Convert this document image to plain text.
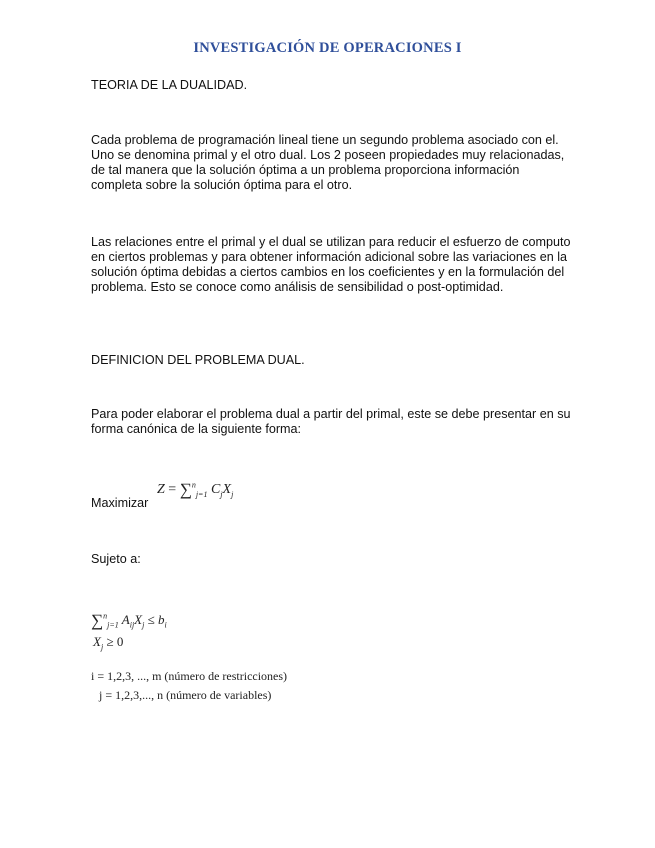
INVESTIGACIÓN DE OPERACIONES I
TEORIA DE LA DUALIDAD.

Cada problema de programación lineal tiene un segundo problema asociado con el. Uno se denomina primal y el otro dual. Los 2 poseen propiedades muy relacionadas, de tal manera que la solución óptima a un problema proporciona información completa sobre la solución óptima para el otro.

Las relaciones entre el primal y el dual se utilizan para reducir el esfuerzo de computo en ciertos problemas y para obtener información adicional sobre las variaciones en la solución óptima debidas a ciertos cambios en los coeficientes y en la formulación del problema. Esto se conoce como análisis de sensibilidad o post-optimidad.

DEFINICION DEL PROBLEMA DUAL.

Para poder elaborar el problema dual a partir del primal, este se debe presentar en su forma canónica de la siguiente forma:

Maximizar
Z = ∑$^n_{j=1}$ $C_jX_j$
Sujeto a:
∑$^n_{j=1}$ $A_{ij}X_j \le b_i$
$X_j \ge 0$
i = 1,2,3, ..., m (número de restricciones)
j = 1,2,3,..., n (número de variables)
